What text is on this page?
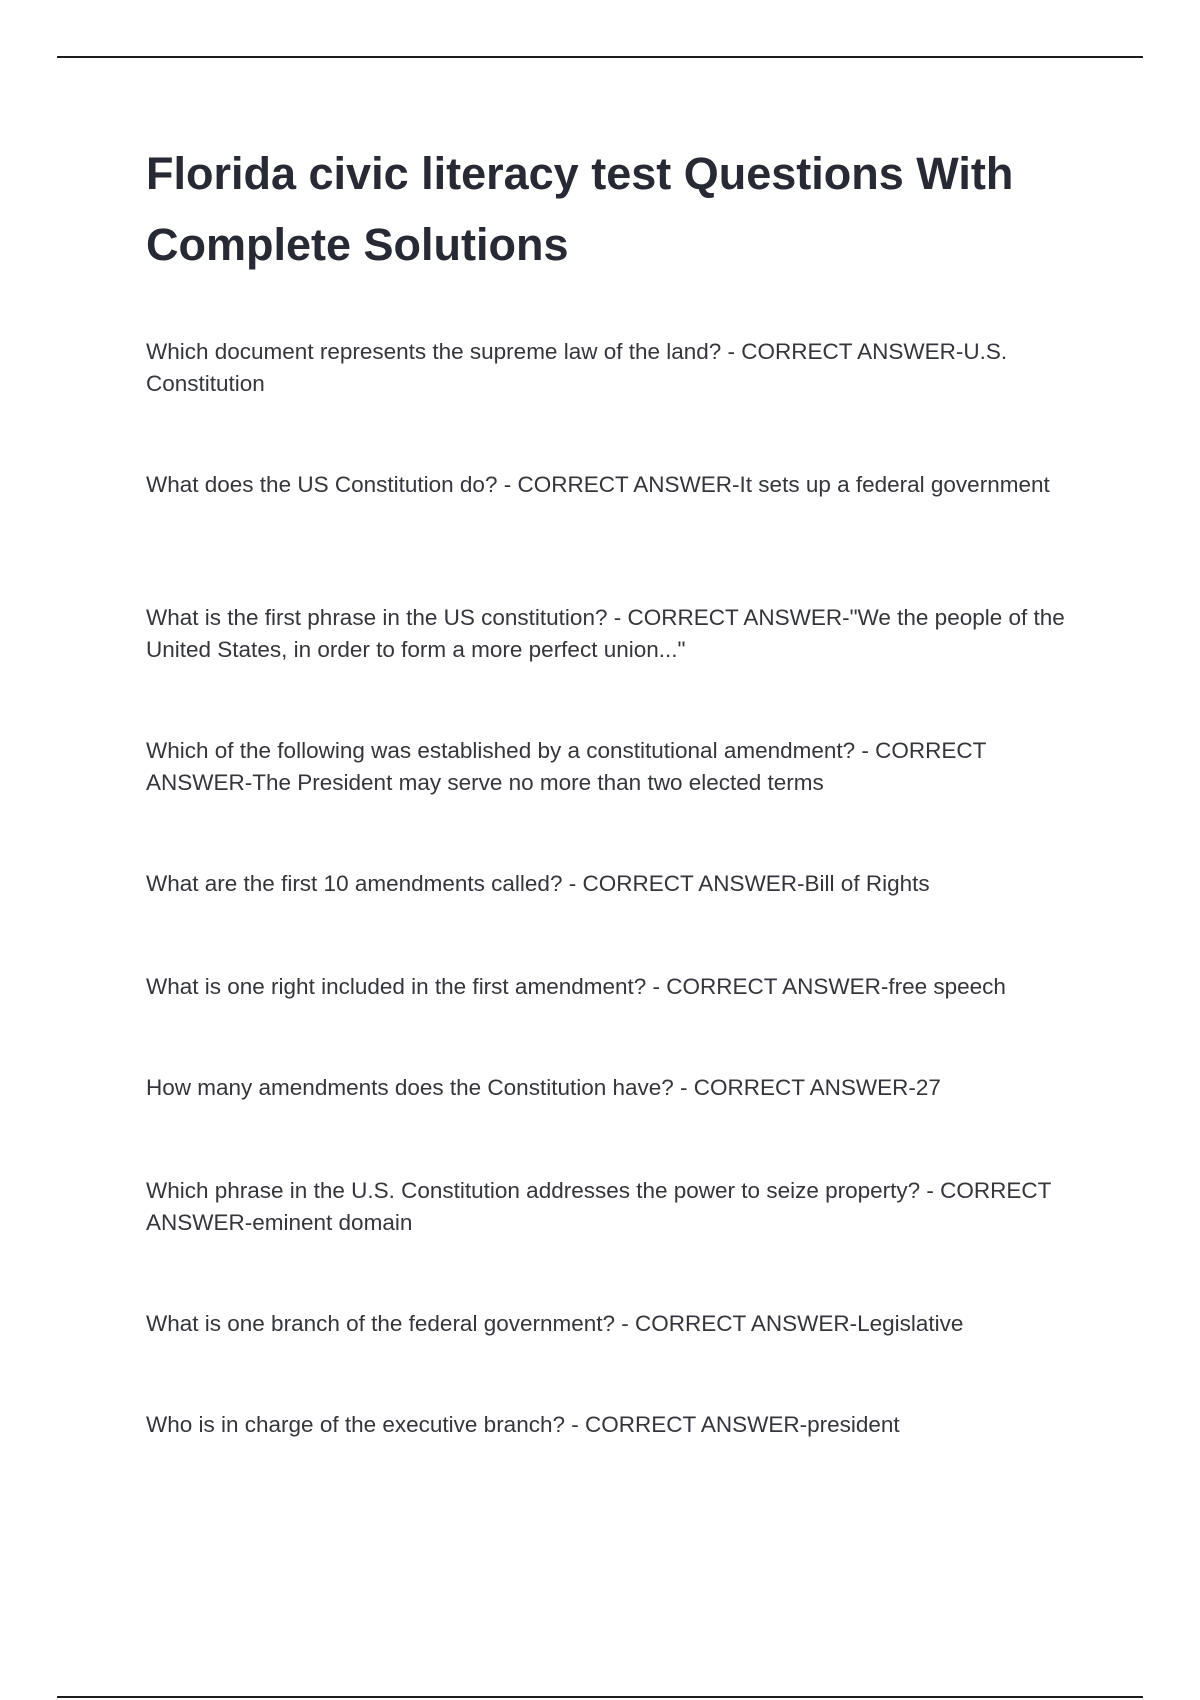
Florida civic literacy test Questions With Complete Solutions
Which document represents the supreme law of the land? - CORRECT ANSWER-U.S. Constitution
What does the US Constitution do? - CORRECT ANSWER-It sets up a federal government
What is the first phrase in the US constitution? - CORRECT ANSWER-"We the people of the United States, in order to form a more perfect union..."
Which of the following was established by a constitutional amendment? - CORRECT ANSWER-The President may serve no more than two elected terms
What are the first 10 amendments called? - CORRECT ANSWER-Bill of Rights
What is one right included in the first amendment? - CORRECT ANSWER-free speech
How many amendments does the Constitution have? - CORRECT ANSWER-27
Which phrase in the U.S. Constitution addresses the power to seize property? - CORRECT ANSWER-eminent domain
What is one branch of the federal government? - CORRECT ANSWER-Legislative
Who is in charge of the executive branch? - CORRECT ANSWER-president
